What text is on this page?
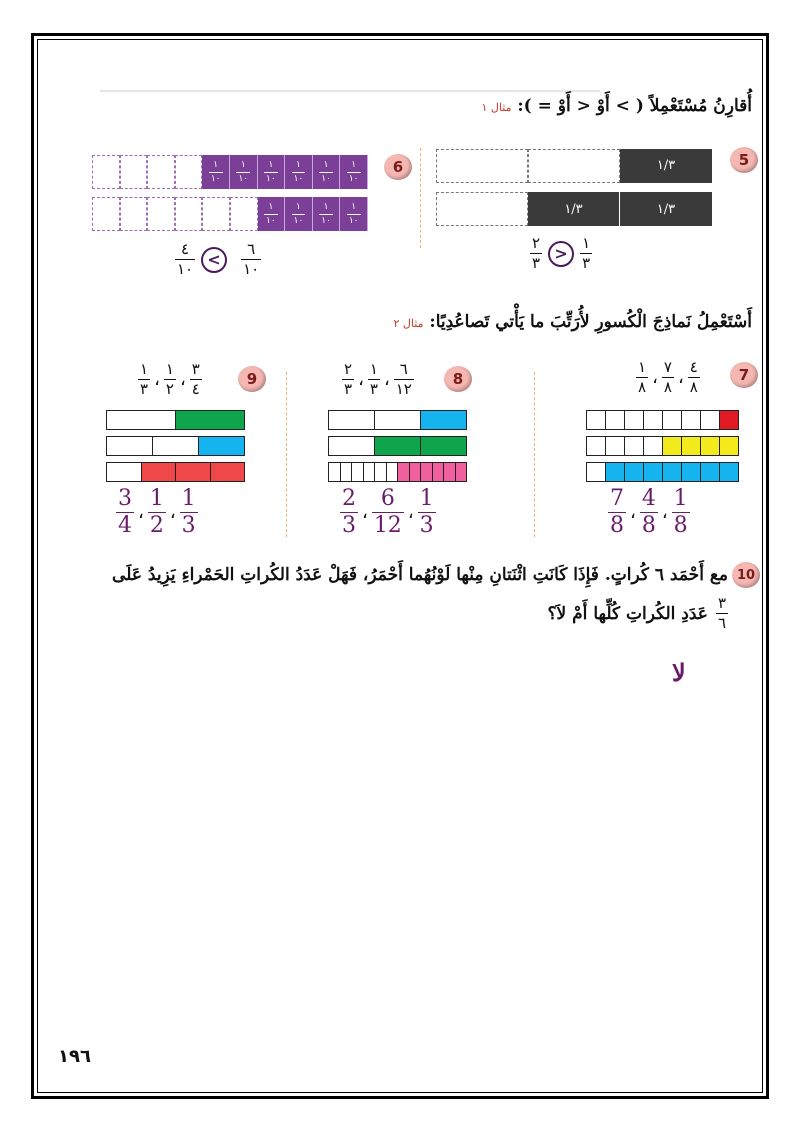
أُقارِنُ مُسْتَعْمِلاً ( > أَوْ < أَوْ = ): مثال ١
5
١/٣
١/٣	١/٣
$\frac{٢}{٣} > \frac{١}{٣}$
6
$\frac{١}{١٠} \frac{١}{١٠} \frac{١}{١٠} \frac{١}{١٠} \frac{١}{١٠} \frac{١}{١٠}$
$\frac{١}{١٠} \frac{١}{١٠} \frac{١}{١٠} \frac{١}{١٠}$
$\frac{٤}{١٠}$ <	$\frac{٦}{١٠}$
أَسْتَعْمِلُ نَماذِجَ الْكُسورِ لأُرَتِّبَ ما يَأْتي تَصاعُدِيًا: مثال ٢
7
$\frac{١}{٨}$ ، $\frac{٧}{٨}$ ، $\frac{٤}{٨}$
$\frac{7}{8}$ ، $\frac{4}{8}$ ، $\frac{1}{8}$
8
$\frac{٢}{٣}$ ، $\frac{١}{٣}$ ، $\frac{٦}{١٢}$
$\frac{2}{3}$ ، $\frac{6}{12}$ ، $\frac{1}{3}$
9
$\frac{١}{٣}$ ، $\frac{١}{٢}$ ، $\frac{٣}{٤}$
$\frac{3}{4}$ ، $\frac{1}{2}$ ، $\frac{1}{3}$
10
مع أَحْمَد ٦ كُراتٍ. فَإِذَا كَانَتِ اثْنَتانِ مِنْها لَوْنُهُما أَحْمَرُ، فَهَلْ عَدَدُ الكُراتِ الحَمْراءِ يَزِيدُ عَلَى
$\frac{٣}{٦}$
عَدَدِ الكُراتِ كُلِّها أَمْ لاَ؟
لا
١٩٦
